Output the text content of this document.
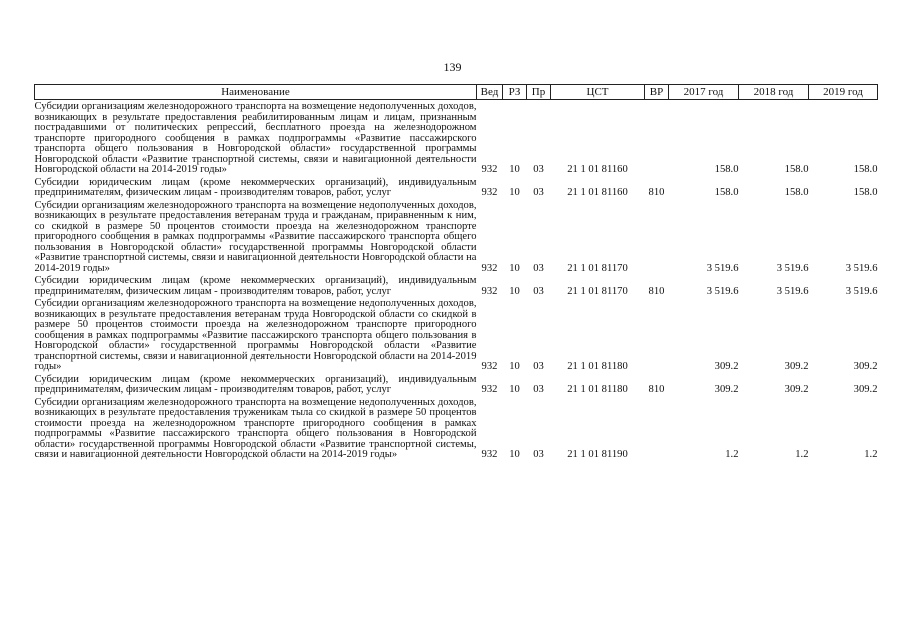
139
Наименование	Вед	РЗ	Пр	ЦСТ	ВР	2017 год	2018 год	2019 год
Субсидии организациям железнодорожного транспорта на возмещение недополученных доходов, возникающих в результате предоставления реабилитированным лицам и лицам, признанным пострадавшими от политических репрессий, бесплатного проезда на железнодорожном транспорте пригородного сообщения в рамках подпрограммы «Развитие пассажирского транспорта общего пользования в Новгородской области» государственной программы Новгородской области «Развитие транспортной системы, связи и навигационной деятельности Новгородской области на 2014-2019 годы»	932	10	03	21 1 01 81160		158.0	158.0	158.0
Субсидии юридическим лицам (кроме некоммерческих организаций), индивидуальным предпринимателям, физическим лицам - производителям товаров, работ, услуг	932	10	03	21 1 01 81160	810	158.0	158.0	158.0
Субсидии организациям железнодорожного транспорта на возмещение недополученных доходов, возникающих в результате предоставления ветеранам труда и гражданам, приравненным к ним, со скидкой в размере 50 процентов стоимости проезда на железнодорожном транспорте пригородного сообщения в рамках подпрограммы «Развитие пассажирского транспорта общего пользования в Новгородской области» государственной программы Новгородской области «Развитие транспортной системы, связи и навигационной деятельности Новгородской области на 2014-2019 годы»	932	10	03	21 1 01 81170		3 519.6	3 519.6	3 519.6
Субсидии юридическим лицам (кроме некоммерческих организаций), индивидуальным предпринимателям, физическим лицам - производителям товаров, работ, услуг	932	10	03	21 1 01 81170	810	3 519.6	3 519.6	3 519.6
Субсидии организациям железнодорожного транспорта на возмещение недополученных доходов, возникающих в результате предоставления ветеранам труда Новгородской области со скидкой в размере 50 процентов стоимости проезда на железнодорожном транспорте пригородного сообщения в рамках подпрограммы «Развитие пассажирского транспорта общего пользования в Новгородской области» государственной программы Новгородской области «Развитие транспортной системы, связи и навигационной деятельности Новгородской области на 2014-2019 годы»	932	10	03	21 1 01 81180		309.2	309.2	309.2
Субсидии юридическим лицам (кроме некоммерческих организаций), индивидуальным предпринимателям, физическим лицам - производителям товаров, работ, услуг	932	10	03	21 1 01 81180	810	309.2	309.2	309.2
Субсидии организациям железнодорожного транспорта на возмещение недополученных доходов, возникающих в результате предоставления труженикам тыла со скидкой в размере 50 процентов стоимости проезда на железнодорожном транспорте пригородного сообщения в рамках подпрограммы «Развитие пассажирского транспорта общего пользования в Новгородской области» государственной программы Новгородской области «Развитие транспортной системы, связи и навигационной деятельности Новгородской области на 2014-2019 годы»	932	10	03	21 1 01 81190		1.2	1.2	1.2
